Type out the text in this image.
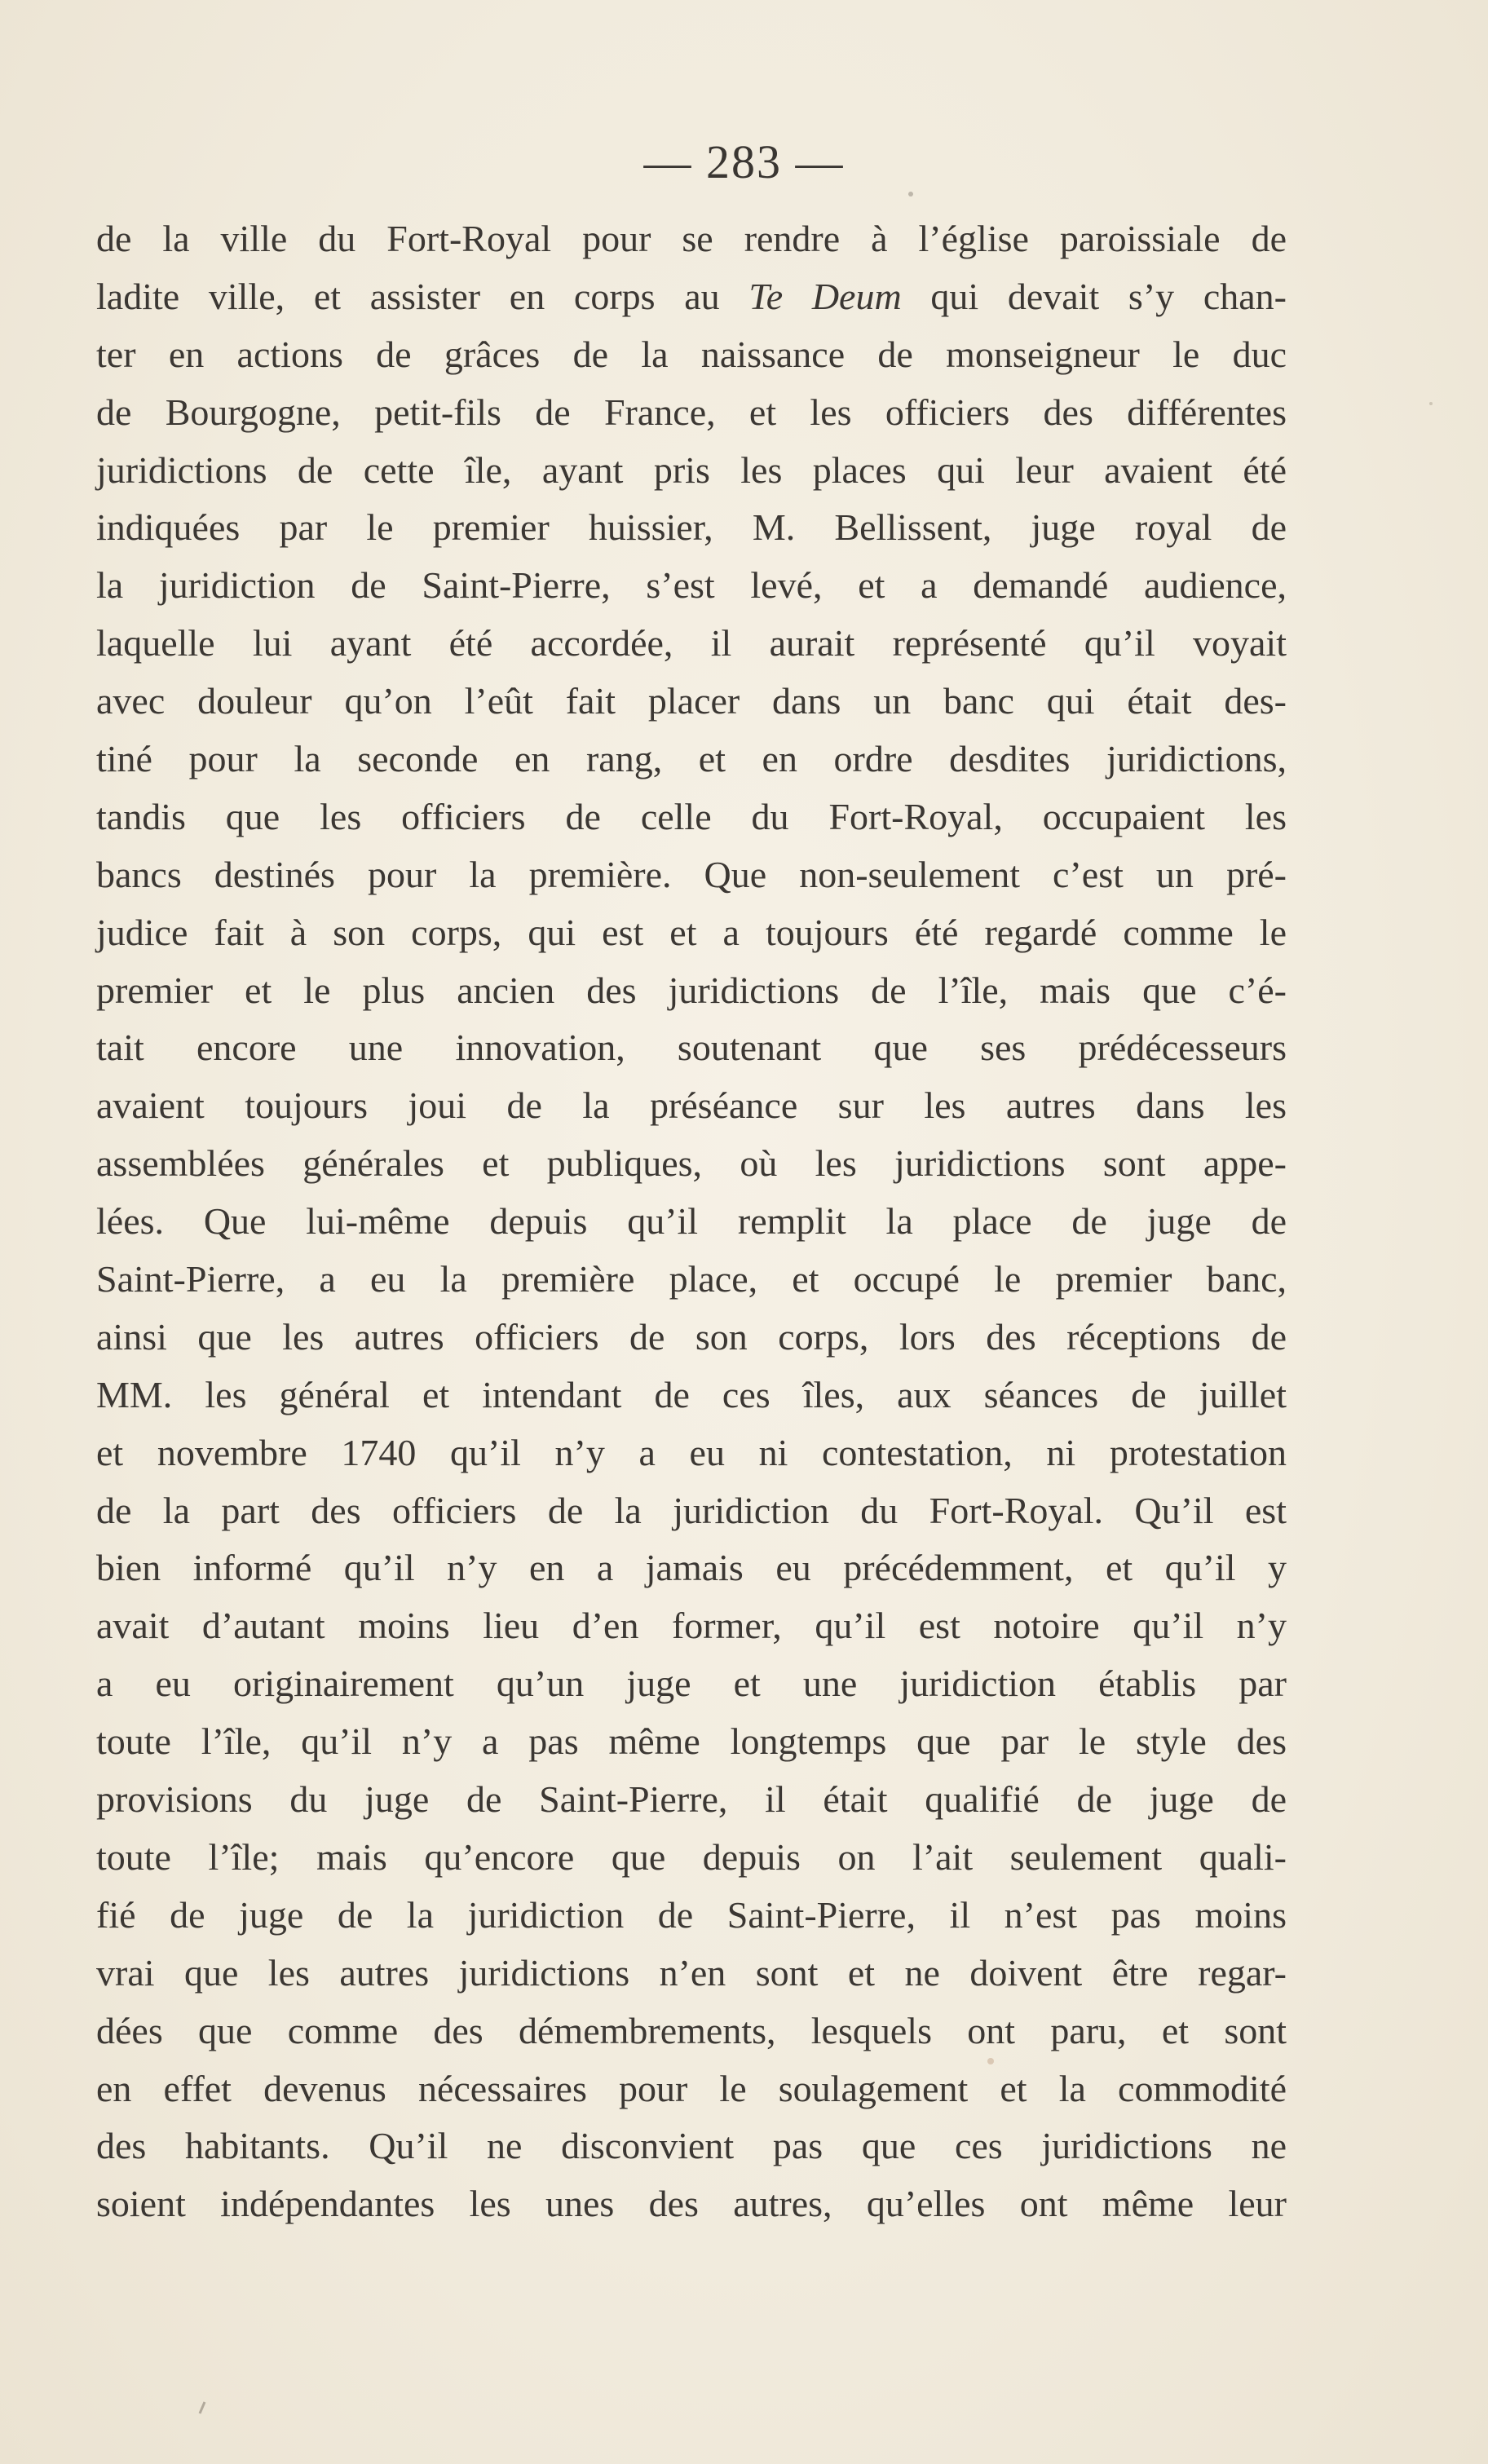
— 283 —
de la ville du Fort-Royal pour se rendre à l’église paroissiale de
ladite ville, et assister en corps au Te Deum qui devait s’y chan-
ter en actions de grâces de la naissance de monseigneur le duc
de Bourgogne, petit-fils de France, et les officiers des différentes
juridictions de cette île, ayant pris les places qui leur avaient été
indiquées par le premier huissier, M. Bellissent, juge royal de
la juridiction de Saint-Pierre, s’est levé, et a demandé audience,
laquelle lui ayant été accordée, il aurait représenté qu’il voyait
avec douleur qu’on l’eût fait placer dans un banc qui était des-
tiné pour la seconde en rang, et en ordre desdites juridictions,
tandis que les officiers de celle du Fort-Royal, occupaient les
bancs destinés pour la première. Que non-seulement c’est un pré-
judice fait à son corps, qui est et a toujours été regardé comme le
premier et le plus ancien des juridictions de l’île, mais que c’é-
tait encore une innovation, soutenant que ses prédécesseurs
avaient toujours joui de la préséance sur les autres dans les
assemblées générales et publiques, où les juridictions sont appe-
lées. Que lui-même depuis qu’il remplit la place de juge de
Saint-Pierre, a eu la première place, et occupé le premier banc,
ainsi que les autres officiers de son corps, lors des réceptions de
MM. les général et intendant de ces îles, aux séances de juillet
et novembre 1740 qu’il n’y a eu ni contestation, ni protestation
de la part des officiers de la juridiction du Fort-Royal. Qu’il est
bien informé qu’il n’y en a jamais eu précédemment, et qu’il y
avait d’autant moins lieu d’en former, qu’il est notoire qu’il n’y
a eu originairement qu’un juge et une juridiction établis par
toute l’île, qu’il n’y a pas même longtemps que par le style des
provisions du juge de Saint-Pierre, il était qualifié de juge de
toute l’île; mais qu’encore que depuis on l’ait seulement quali-
fié de juge de la juridiction de Saint-Pierre, il n’est pas moins
vrai que les autres juridictions n’en sont et ne doivent être regar-
dées que comme des démembrements, lesquels ont paru, et sont
en effet devenus nécessaires pour le soulagement et la commodité
des habitants. Qu’il ne disconvient pas que ces juridictions ne
soient indépendantes les unes des autres, qu’elles ont même leur
